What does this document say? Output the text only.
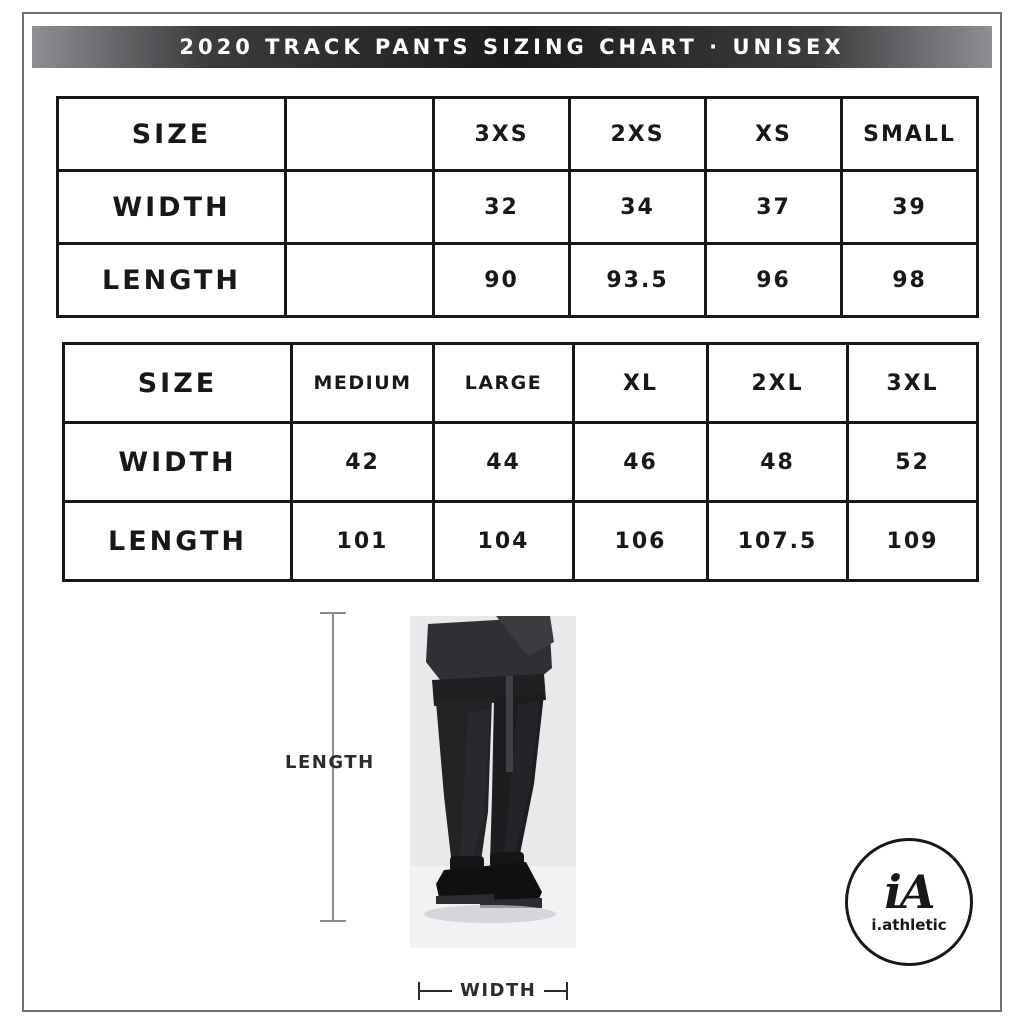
2020 TRACK PANTS SIZING CHART · UNISEX
SIZE		3XS	2XS	XS	SMALL
WIDTH		32	34	37	39
LENGTH		90	93.5	96	98
SIZE	MEDIUM	LARGE	XL	2XL	3XL
WIDTH	42	44	46	48	52
LENGTH	101	104	106	107.5	109
LENGTH
WIDTH
iA
i.athletic
